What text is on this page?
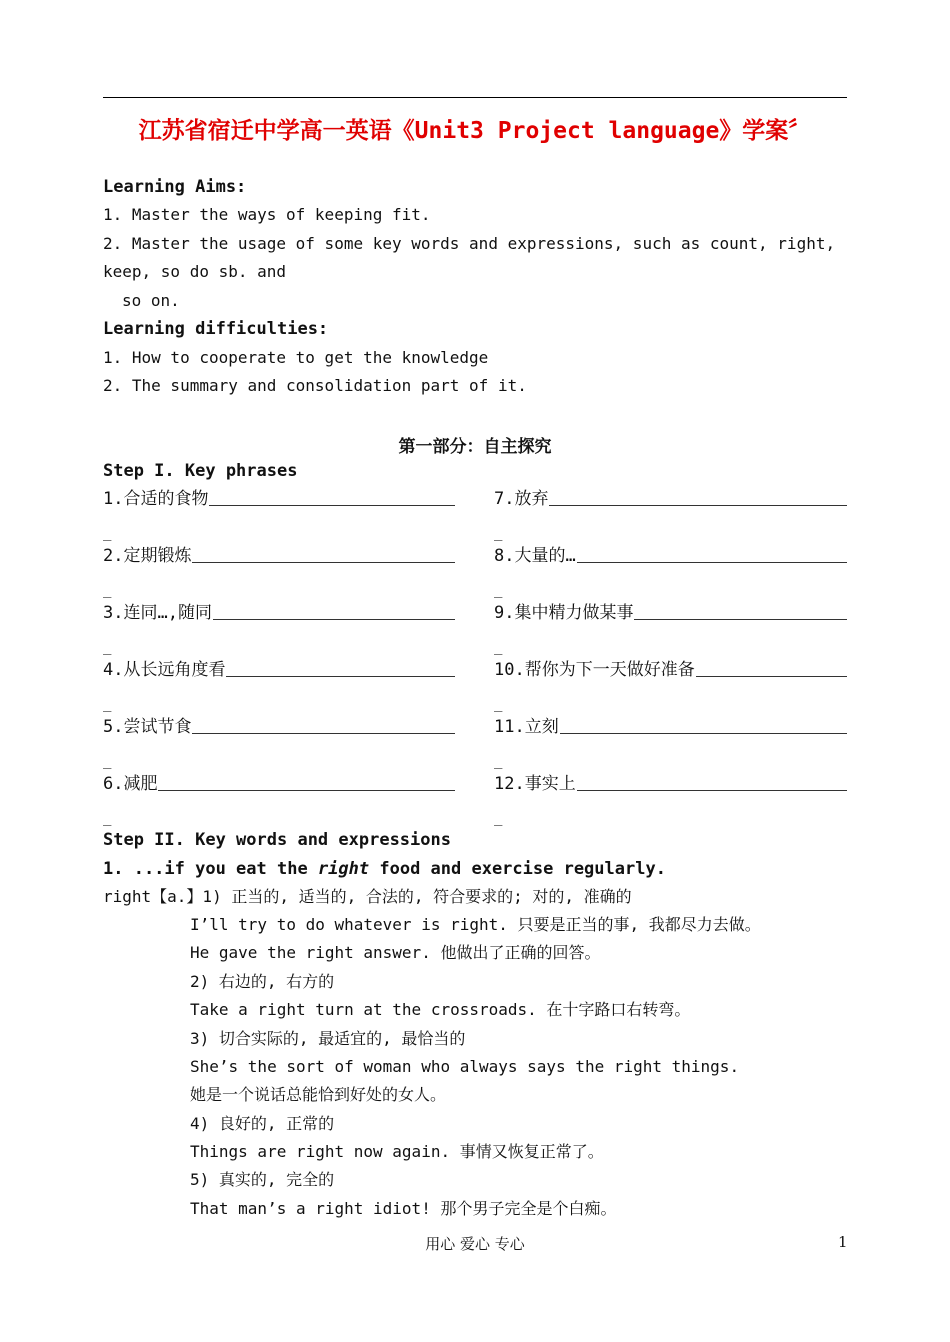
江苏省宿迁中学高一英语《Unit3 Project language》学案〞
Learning Aims:
1. Master the ways of keeping fit.
2. Master the usage of some key words and expressions, such as count, right,
keep, so do sb. and
so on.
Learning difficulties:
1. How to cooperate to get the knowledge
2. The summary and consolidation part of it.
第一部分：自主探究
Step I. Key phrases
1.合适的食物
_
2.定期锻炼
_
3.连同…,随同
_
4.从长远角度看
_
5.尝试节食
_
6.减肥
_
7.放弃
_
8.大量的…
_
9.集中精力做某事
_
10.帮你为下一天做好准备
_
11.立刻
_
12.事实上
_
Step II. Key words and expressions
1. ...if you eat the right food and exercise regularly.
right【a.】1) 正当的, 适当的, 合法的, 符合要求的; 对的, 准确的
I’ll try to do whatever is right. 只要是正当的事, 我都尽力去做。
He gave the right answer. 他做出了正确的回答。
2) 右边的, 右方的
Take a right turn at the crossroads. 在十字路口右转弯。
3) 切合实际的, 最适宜的, 最恰当的
She’s the sort of woman who always says the right things.
她是一个说话总能恰到好处的女人。
4) 良好的, 正常的
Things are right now again. 事情又恢复正常了。
5) 真实的, 完全的
That man’s a right idiot! 那个男子完全是个白痴。
用心 爱心 专心	1
